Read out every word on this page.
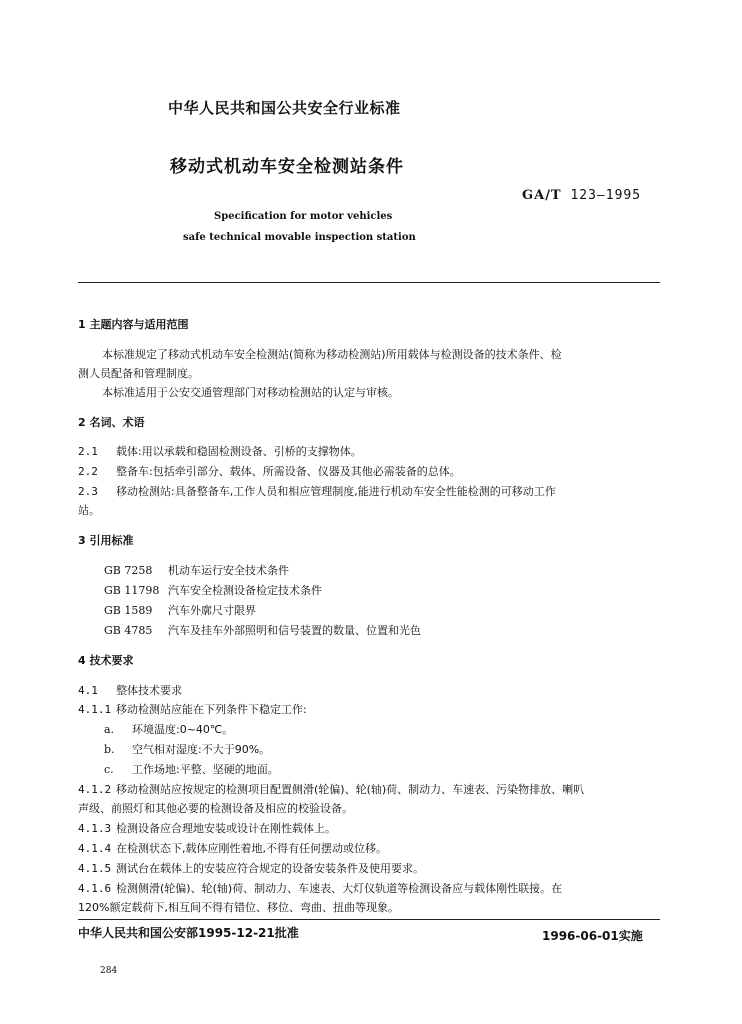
中华人民共和国公共安全行业标准
移动式机动车安全检测站条件
GA/T 123—1995
Specification for motor vehicles
safe technical movable inspection station
1 主题内容与适用范围
本标准规定了移动式机动车安全检测站(简称为移动检测站)所用载体与检测设备的技术条件、检
测人员配备和管理制度。
本标准适用于公安交通管理部门对移动检测站的认定与审核。
2 名词、术语
2.1 载体:用以承载和稳固检测设备、引桥的支撑物体。
2.2 整备车:包括牵引部分、载体、所需设备、仪器及其他必需装备的总体。
2.3 移动检测站:具备整备车,工作人员和相应管理制度,能进行机动车安全性能检测的可移动工作
站。
3 引用标准
GB 7258 机动车运行安全技术条件
GB 11798 汽车安全检测设备检定技术条件
GB 1589 汽车外廓尺寸限界
GB 4785 汽车及挂车外部照明和信号装置的数量、位置和光色
4 技术要求
4.1 整体技术要求
4.1.1 移动检测站应能在下列条件下稳定工作:
a. 环境温度:0~40℃。
b. 空气相对湿度:不大于90%。
c. 工作场地:平整、坚硬的地面。
4.1.2 移动检测站应按规定的检测项目配置侧滑(轮偏)、轮(轴)荷、制动力、车速表、污染物排放、喇叭
声级、前照灯和其他必要的检测设备及相应的校验设备。
4.1.3 检测设备应合理地安装或设计在刚性载体上。
4.1.4 在检测状态下,载体应刚性着地,不得有任何摆动或位移。
4.1.5 测试台在载体上的安装应符合规定的设备安装条件及使用要求。
4.1.6 检测侧滑(轮偏)、轮(轴)荷、制动力、车速表、大灯仪轨道等检测设备应与载体刚性联接。在
120%额定载荷下,相互间不得有错位、移位、弯曲、扭曲等现象。
中华人民共和国公安部1995-12-21批准	1996-06-01实施
284
